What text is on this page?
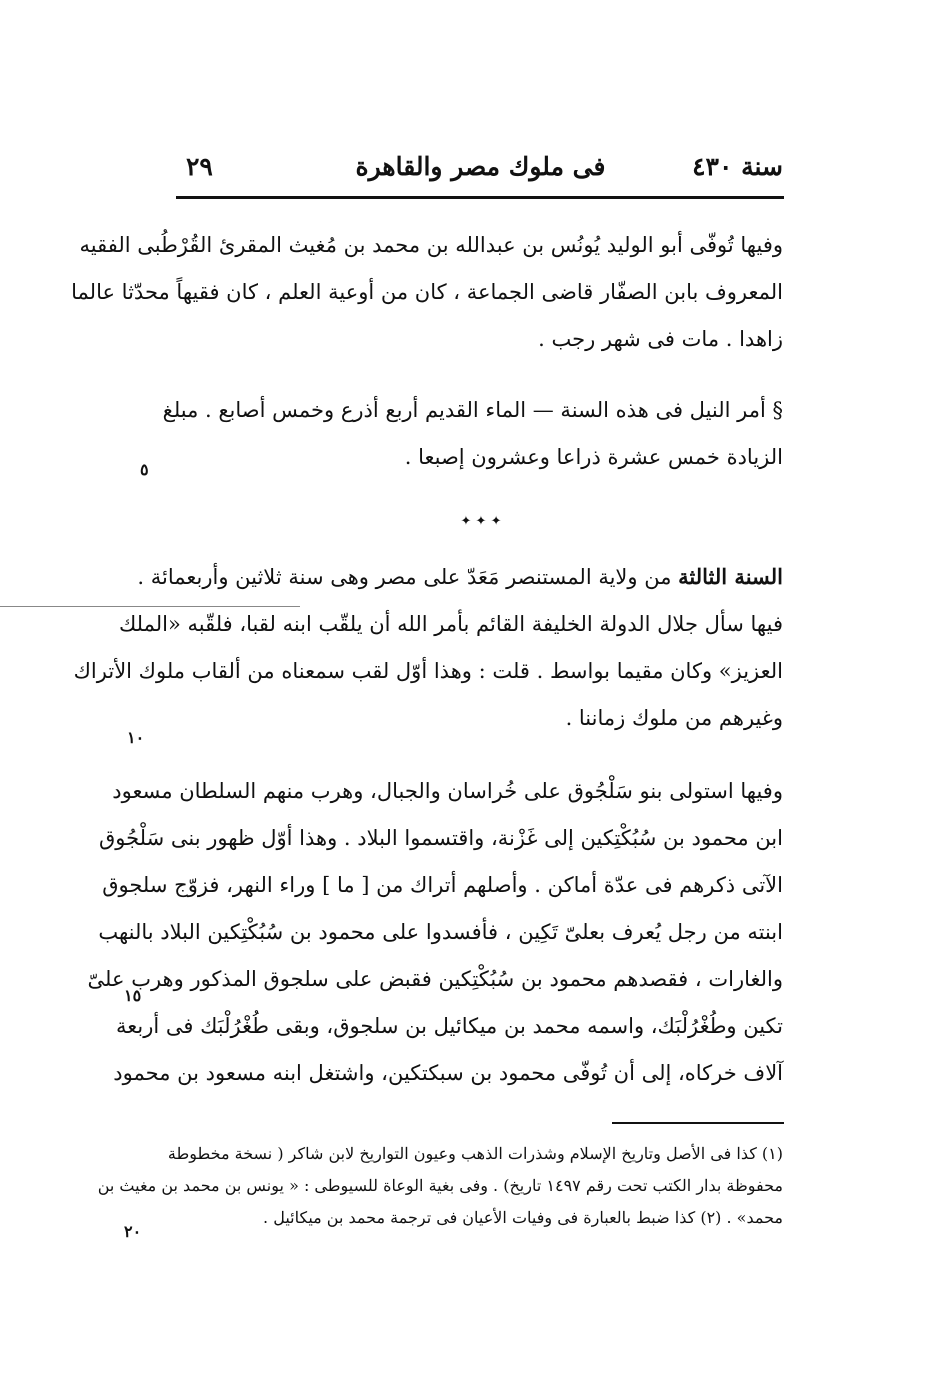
سنة ٤٣٠
فى ملوك مصر والقاهرة
٢٩
وفيها تُوفّى أبو الوليد يُونُس بن عبدالله بن محمد بن مُغيث المقرئ القُرْطُبى الفقيه
المعروف بابن الصفّار قاضى الجماعة ، كان من أوعية العلم ، كان فقيهاً محدّثا عالما
زاهدا . مات فى شهر رجب .
§ أمر النيل فى هذه السنة — الماء القديم أربع أذرع وخمس أصابع . مبلغ
الزيادة خمس عشرة ذراعا وعشرون إصبعا .
✦ ✦ ✦
السنة الثالثة من ولاية المستنصر مَعَدّ على مصر وهى سنة ثلاثين وأربعمائة .
فيها سأل جلال الدولة الخليفة القائم بأمر الله أن يلقّب ابنه لقبا، فلقّبه «الملك
العزيز» وكان مقيما بواسط . قلت : وهذا أوّل لقب سمعناه من ألقاب ملوك الأتراك
وغيرهم من ملوك زماننا .
وفيها استولى بنو سَلْجُوق على خُراسان والجبال، وهرب منهم السلطان مسعود
ابن محمود بن سُبُكْتِكين إلى غَزْنة، واقتسموا البلاد . وهذا أوّل ظهور بنى سَلْجُوق
الآتى ذكرهم فى عدّة أماكن . وأصلهم أتراك من [ ما ] وراء النهر، فزوّج سلجوق
ابنته من رجل يُعرف بعلىّ تَكِين ، فأفسدوا على محمود بن سُبُكْتِكين البلاد بالنهب
والغارات ، فقصدهم محمود بن سُبُكْتِكين فقبض على سلجوق المذكور وهرب علىّ
تكين وطُغْرُلْبَك، واسمه محمد بن ميكائيل بن سلجوق، وبقى طُغْرُلْبَك فى أربعة
آلاف خركاه، إلى أن تُوفّى محمود بن سبكتكين، واشتغل ابنه مسعود بن محمود
(١) كذا فى الأصل وتاريخ الإسلام وشذرات الذهب وعيون التواريخ لابن شاكر ( نسخة مخطوطة
محفوظة بدار الكتب تحت رقم ١٤٩٧ تاريخ) . وفى بغية الوعاة للسيوطى : « يونس بن محمد بن مغيث بن
محمد» . (٢) كذا ضبط بالعبارة فى وفيات الأعيان فى ترجمة محمد بن ميكائيل .
٥
١٠
١٥
٢٠
